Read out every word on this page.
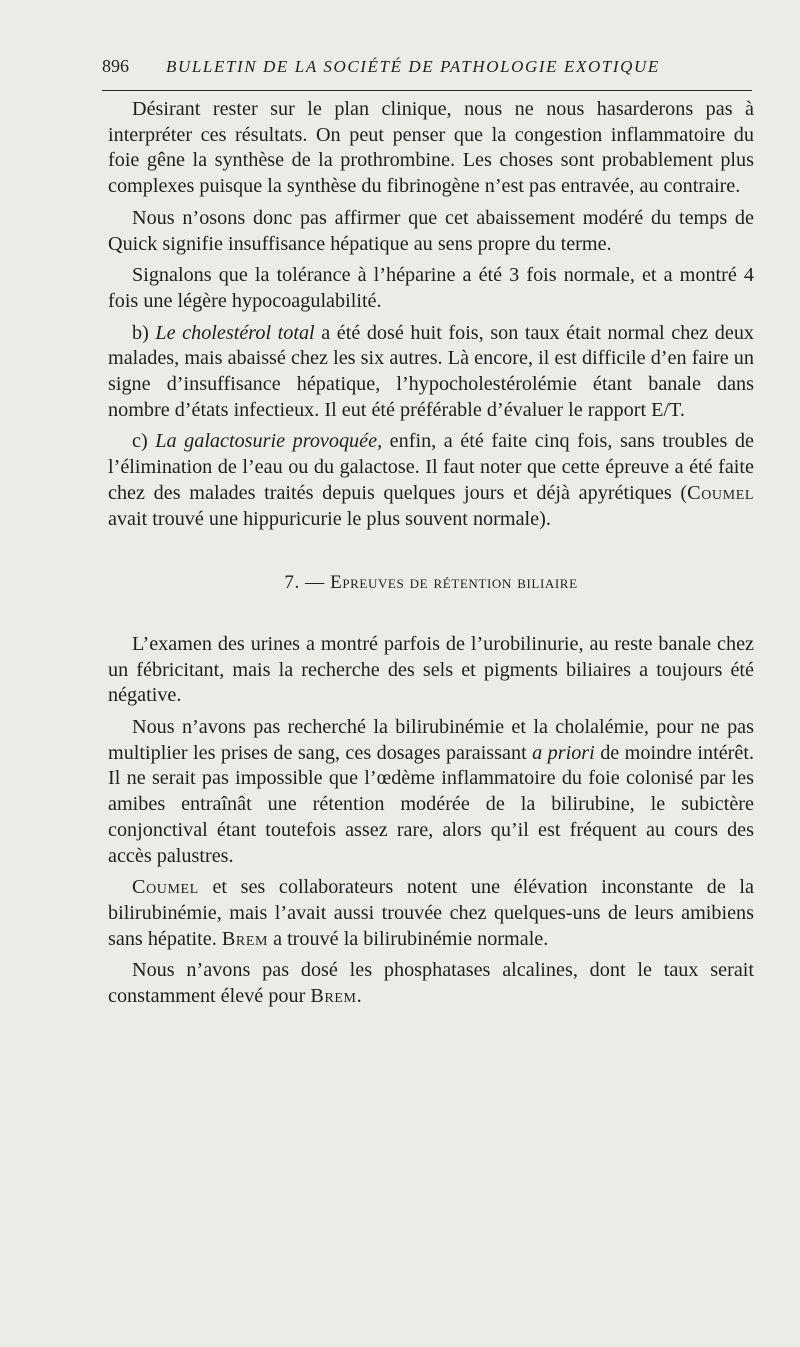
896	BULLETIN DE LA SOCIÉTÉ DE PATHOLOGIE EXOTIQUE

Désirant rester sur le plan clinique, nous ne nous hasarderons pas à interpréter ces résultats. On peut penser que la congestion inflammatoire du foie gêne la synthèse de la prothrombine. Les choses sont probablement plus complexes puisque la synthèse du fibrinogène n’est pas entravée, au contraire.

Nous n’osons donc pas affirmer que cet abaissement modéré du temps de Quick signifie insuffisance hépatique au sens propre du terme.

Signalons que la tolérance à l’héparine a été 3 fois normale, et a montré 4 fois une légère hypocoagulabilité.

b) Le cholestérol total a été dosé huit fois, son taux était normal chez deux malades, mais abaissé chez les six autres. Là encore, il est difficile d’en faire un signe d’insuffisance hépatique, l’hypocholestérolémie étant banale dans nombre d’états infectieux. Il eut été préférable d’évaluer le rapport E/T.

c) La galactosurie provoquée, enfin, a été faite cinq fois, sans troubles de l’élimination de l’eau ou du galactose. Il faut noter que cette épreuve a été faite chez des malades traités depuis quelques jours et déjà apyrétiques (Coumel avait trouvé une hippuricurie le plus souvent normale).

7. — Epreuves de rétention biliaire

L’examen des urines a montré parfois de l’urobilinurie, au reste banale chez un fébricitant, mais la recherche des sels et pigments biliaires a toujours été négative.

Nous n’avons pas recherché la bilirubinémie et la cholalémie, pour ne pas multiplier les prises de sang, ces dosages paraissant a priori de moindre intérêt. Il ne serait pas impossible que l’œdème inflammatoire du foie colonisé par les amibes entraînât une rétention modérée de la bilirubine, le subictère conjonctival étant toutefois assez rare, alors qu’il est fréquent au cours des accès palustres.

Coumel et ses collaborateurs notent une élévation inconstante de la bilirubinémie, mais l’avait aussi trouvée chez quelques-uns de leurs amibiens sans hépatite. Brem a trouvé la bilirubinémie normale.

Nous n’avons pas dosé les phosphatases alcalines, dont le taux serait constamment élevé pour Brem.
